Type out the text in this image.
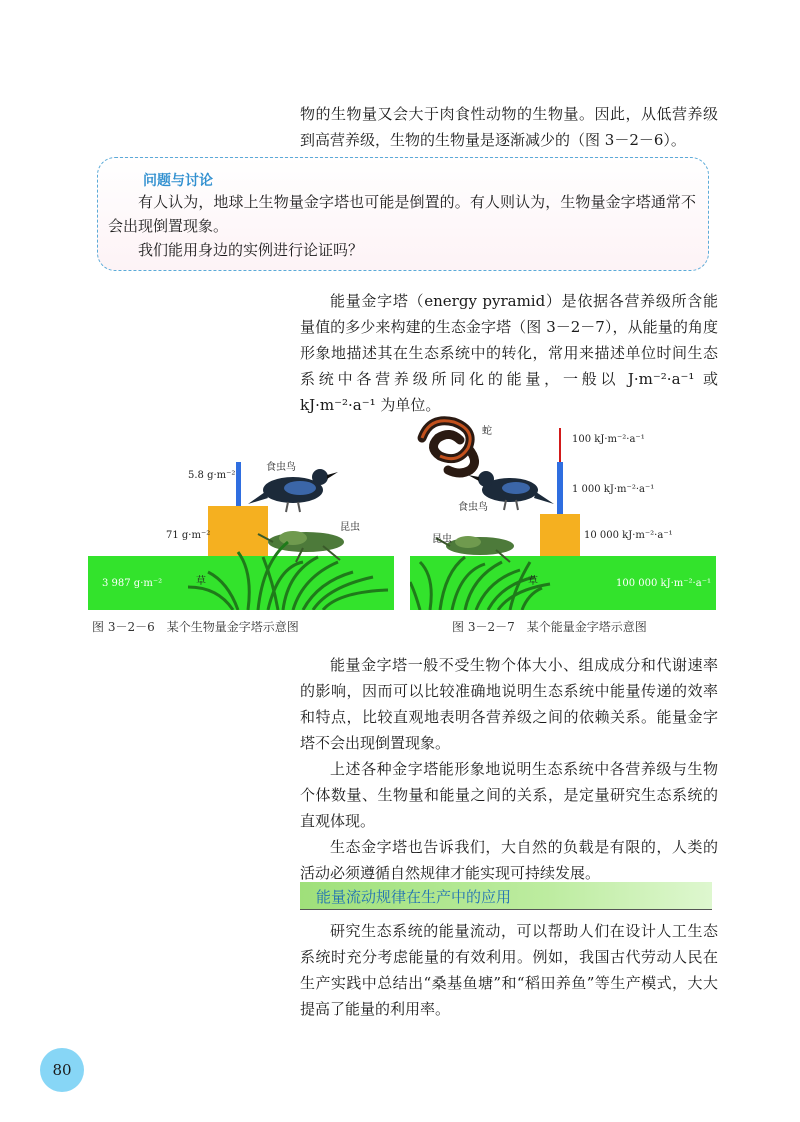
物的生物量又会大于肉食性动物的生物量。因此，从低营养级到高营养级，生物的生物量是逐渐减少的（图 3－2－6）。

问题与讨论

有人认为，地球上生物量金字塔也可能是倒置的。有人则认为，生物量金字塔通常不会出现倒置现象。

我们能用身边的实例进行论证吗？

能量金字塔（energy pyramid）是依据各营养级所含能量值的多少来构建的生态金字塔（图 3－2－7），从能量的角度形象地描述其在生态系统中的转化，常用来描述单位时间生态系统中各营养级所同化的能量，一般以 J·m⁻²·a⁻¹ 或 kJ·m⁻²·a⁻¹ 为单位。

食虫鸟
昆虫
草
5.8 g·m⁻²
71 g·m⁻²
3 987 g·m⁻²
蛇
食虫鸟
昆虫
草
100 kJ·m⁻²·a⁻¹
1 000 kJ·m⁻²·a⁻¹
10 000 kJ·m⁻²·a⁻¹
100 000 kJ·m⁻²·a⁻¹
图 3－2－6　某个生物量金字塔示意图	图 3－2－7　某个能量金字塔示意图

能量金字塔一般不受生物个体大小、组成成分和代谢速率的影响，因而可以比较准确地说明生态系统中能量传递的效率和特点，比较直观地表明各营养级之间的依赖关系。能量金字塔不会出现倒置现象。

上述各种金字塔能形象地说明生态系统中各营养级与生物个体数量、生物量和能量之间的关系，是定量研究生态系统的直观体现。

生态金字塔也告诉我们，大自然的负载是有限的，人类的活动必须遵循自然规律才能实现可持续发展。

能量流动规律在生产中的应用

研究生态系统的能量流动，可以帮助人们在设计人工生态系统时充分考虑能量的有效利用。例如，我国古代劳动人民在生产实践中总结出“桑基鱼塘”和“稻田养鱼”等生产模式，大大提高了能量的利用率。

80
